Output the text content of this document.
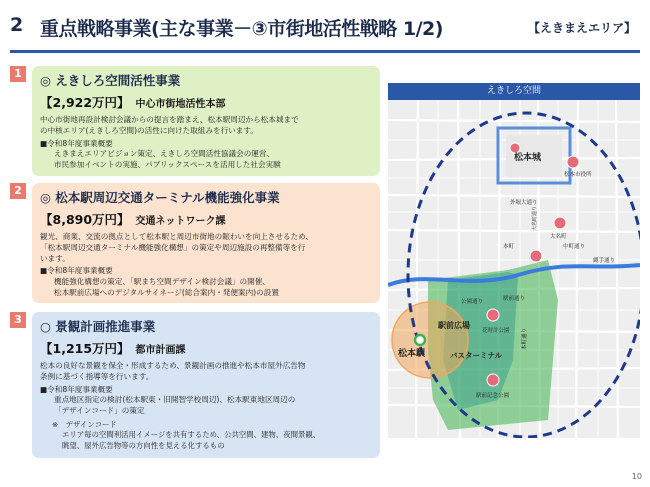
2 重点戦略事業(主な事業－③市街地活性戦略 1/2)	【えきまえエリア】
1	◎ えきしろ空間活性事業
【2,922万円】 中心市街地活性本部
中心市街地再設計検討会議からの提言を踏まえ、松本駅周辺から松本城まで
の中核エリア(えきしろ空間)の活性に向けた取組みを行います。
■令和8年度事業概要
えきまえエリアビジョン策定、えきしろ空間活性協議会の運営、
市民参加イベントの実施、パブリックスペースを活用した社会実験
2	◎ 松本駅周辺交通ターミナル機能強化事業
【8,890万円】 交通ネットワーク課
観光、商業、交流の拠点として松本駅と周辺市街地の賑わいを向上させるため、
「松本駅周辺交通ターミナル機能強化構想」の策定や周辺施設の再整備等を行
います。
■令和8年度事業概要
機能強化構想の策定、「駅まち空間デザイン検討会議」の開催、
松本駅前広場へのデジタルサイネージ(総合案内・発便案内)の設置
3	○ 景観計画推進事業
【1,215万円】 都市計画課
松本の良好な景観を保全・形成するため、景観計画の推進や松本市屋外広告物
条例に基づく指導等を行います。
■令和8年度事業概要
重点地区指定の検討(松本駅東・旧開智学校周辺)、松本駅東地区周辺の
「デザインコード」の策定
※　デザインコード
エリア毎の空間利活用イメージを共有するため、公共空間、建物、夜間景観、
眺望、屋外広告物等の方向性を見える化するもの
えきしろ空間
松本城
松本市役所
外堀大通り
大名町
大名町通り
中町通り
縄手通り
本町
本町通り
公園通り
花時計公園
駅前広場
松本駅	バスターミナル
駅前記念公園
駅前通り
10
